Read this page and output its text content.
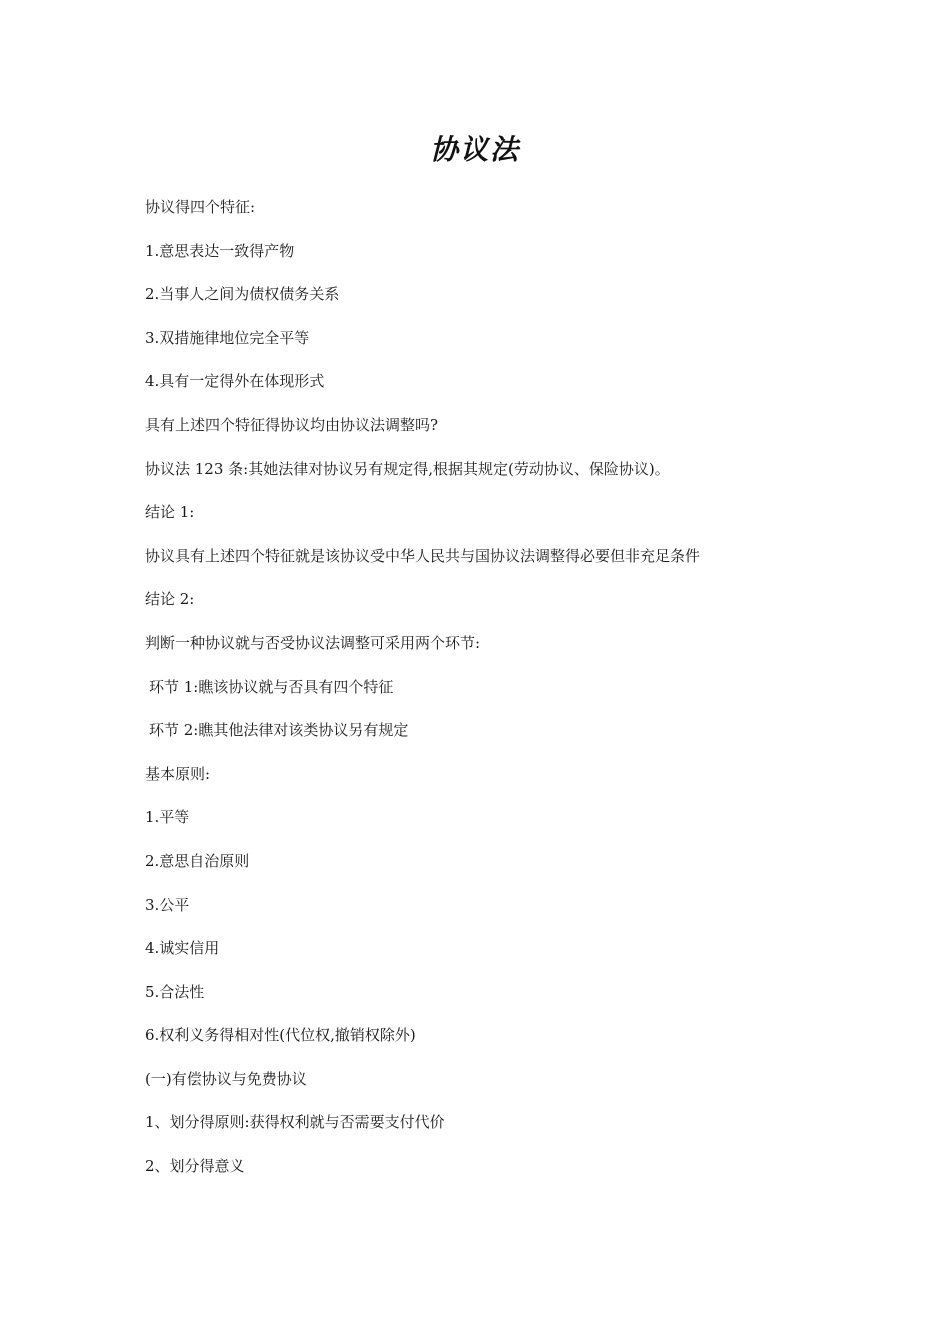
协议法
协议得四个特征:
1.意思表达一致得产物
2.当事人之间为债权债务关系
3.双措施律地位完全平等
4.具有一定得外在体现形式
具有上述四个特征得协议均由协议法调整吗?
协议法 123 条:其她法律对协议另有规定得,根据其规定(劳动协议、保险协议)。
结论 1:
协议具有上述四个特征就是该协议受中华人民共与国协议法调整得必要但非充足条件
结论 2:
判断一种协议就与否受协议法调整可采用两个环节:
环节 1:瞧该协议就与否具有四个特征
环节 2:瞧其他法律对该类协议另有规定
基本原则:
1.平等
2.意思自治原则
3.公平
4.诚实信用
5.合法性
6.权利义务得相对性(代位权,撤销权除外)
(一)有偿协议与免费协议
1、划分得原则:获得权利就与否需要支付代价
2、划分得意义
